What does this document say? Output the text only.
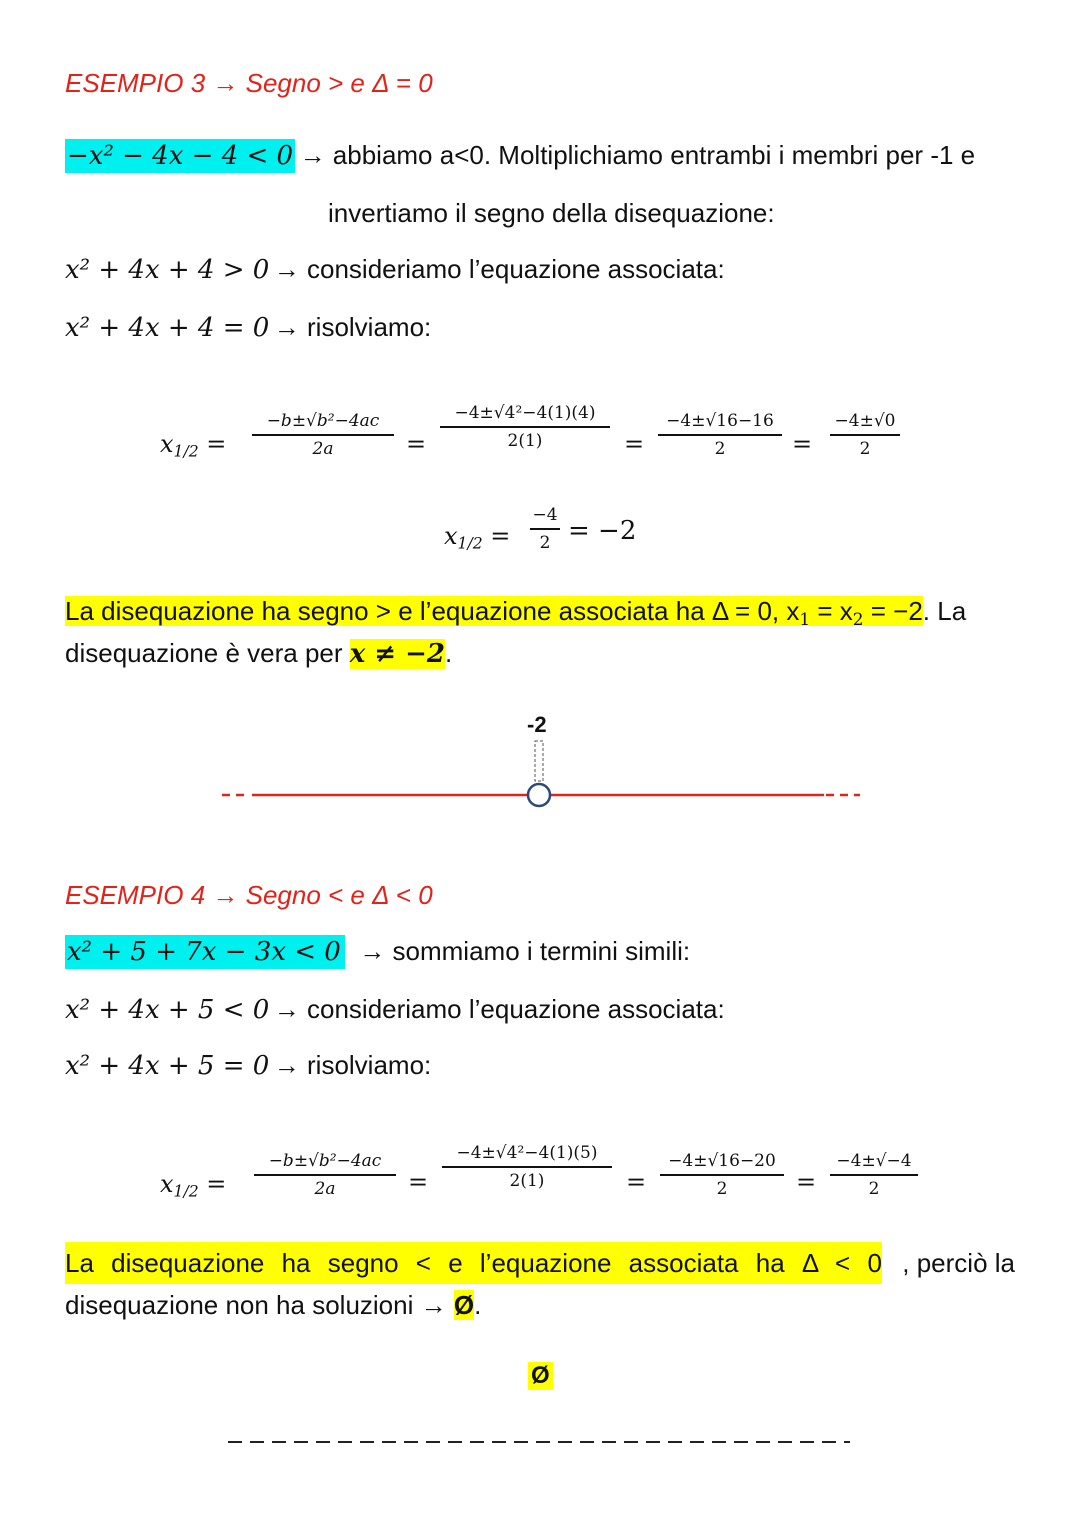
ESEMPIO 3 → Segno > e Δ = 0
−x² − 4x − 4 < 0 → abbiamo a<0. Moltiplichiamo entrambi i membri per -1 e
invertiamo il segno della disequazione:
x² + 4x + 4 > 0 → consideriamo l’equazione associata:
x² + 4x + 4 = 0 → risolviamo:
$x_{1/2}$ =
−b±√b²−4ac
2a	=
−4±√4²−4(1)(4)
2(1)	=
−4±√16−16
2	=
−4±√0
2
$x_{1/2}$ =
−4
2 = −2
La disequazione ha segno > e l’equazione associata ha Δ = 0, $x_1 = x_2 = -2$. La
disequazione è vera per x ≠ −2.
-2
ESEMPIO 4 → Segno < e Δ < 0
x² + 5 + 7x − 3x < 0 → sommiamo i termini simili:
x² + 4x + 5 < 0 → consideriamo l’equazione associata:
x² + 4x + 5 = 0 → risolviamo:
$x_{1/2}$ =
−b±√b²−4ac
2a	=
−4±√4²−4(1)(5)
2(1)	=
−4±√16−20
2	=
−4±√−4
2
La disequazione ha segno < e l’equazione associata ha Δ < 0 , perciò la
disequazione non ha soluzioni → Ø.
Ø
